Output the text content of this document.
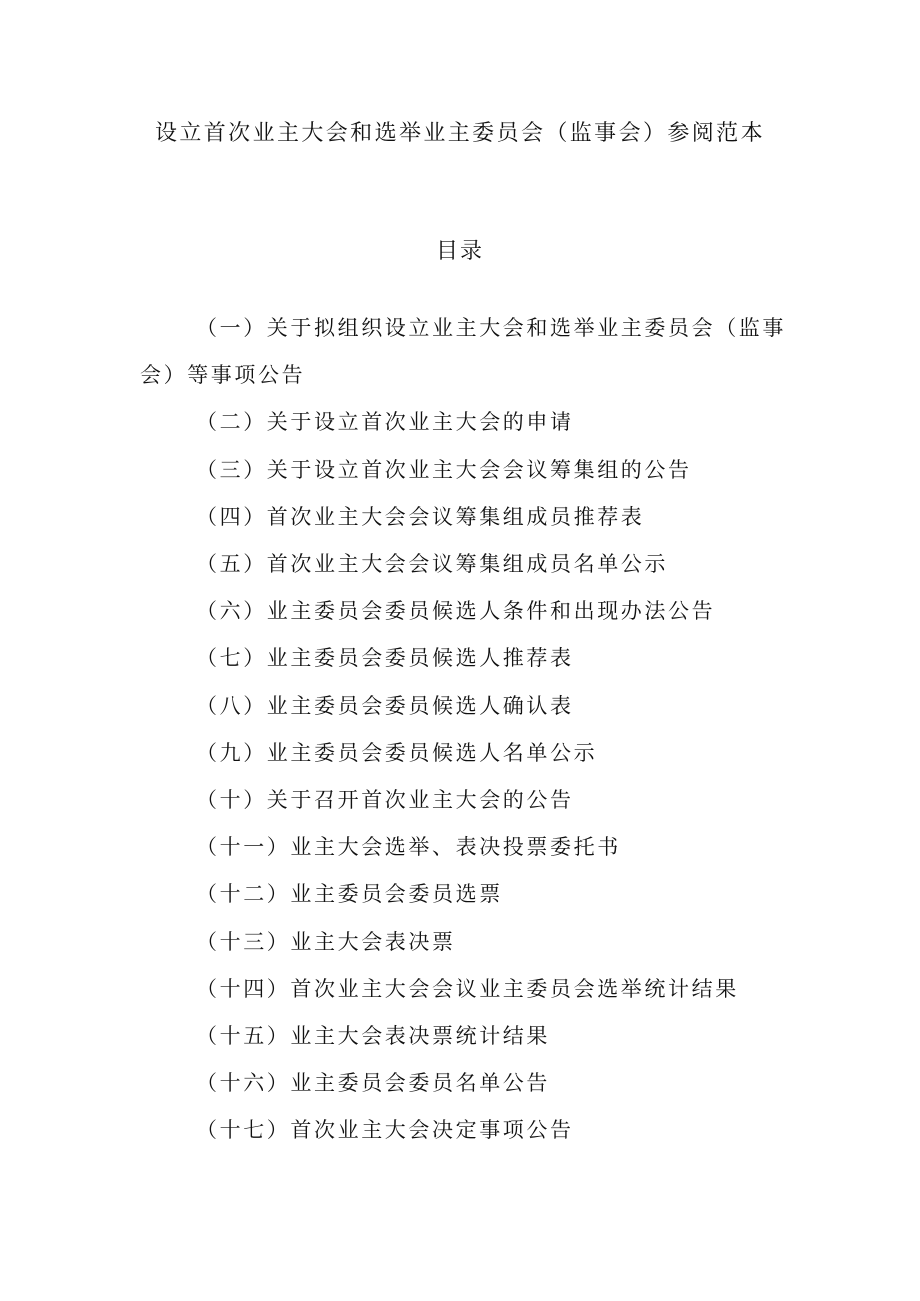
设立首次业主大会和选举业主委员会（监事会）参阅范本
目录
（一）关于拟组织设立业主大会和选举业主委员会（监事会）等事项公告
（二）关于设立首次业主大会的申请
（三）关于设立首次业主大会会议筹集组的公告
（四）首次业主大会会议筹集组成员推荐表
（五）首次业主大会会议筹集组成员名单公示
（六）业主委员会委员候选人条件和出现办法公告
（七）业主委员会委员候选人推荐表
（八）业主委员会委员候选人确认表
（九）业主委员会委员候选人名单公示
（十）关于召开首次业主大会的公告
（十一）业主大会选举、表决投票委托书
（十二）业主委员会委员选票
（十三）业主大会表决票
（十四）首次业主大会会议业主委员会选举统计结果
（十五）业主大会表决票统计结果
（十六）业主委员会委员名单公告
（十七）首次业主大会决定事项公告
